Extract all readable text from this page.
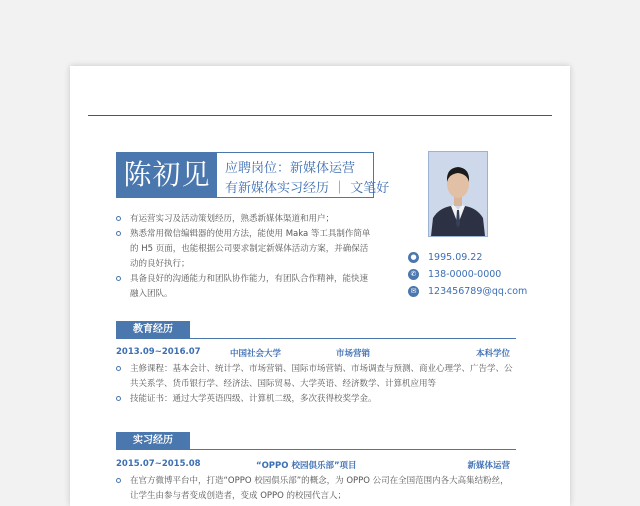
陈初见	应聘岗位：新媒体运营
有新媒体实习经历 ｜ 文笔好
有运营实习及活动策划经历，熟悉新媒体渠道和用户；
熟悉常用微信编辑器的使用方法，能使用 Maka 等工具制作简单的 H5 页面，也能根据公司要求制定新媒体活动方案，并确保活动的良好执行；
具备良好的沟通能力和团队协作能力，有团队合作精神，能快速融入团队。
● 1995.09.22
✆ 138-0000-0000
✉ 123456789@qq.com
教育经历
2013.09~2016.07	中国社会大学	市场营销	本科学位
主修课程：基本会计、统计学、市场营销、国际市场营销、市场调查与预测、商业心理学、广告学、公共关系学、货币银行学、经济法、国际贸易、大学英语、经济数学、计算机应用等
技能证书：通过大学英语四级、计算机二级，多次获得校奖学金。
实习经历
2015.07~2015.08	“OPPO 校园俱乐部”项目	新媒体运营
在官方微博平台中，打造“OPPO 校园俱乐部”的概念，为 OPPO 公司在全国范围内各大高集结粉丝，让学生由参与者变成创造者，变成 OPPO 的校园代言人；
